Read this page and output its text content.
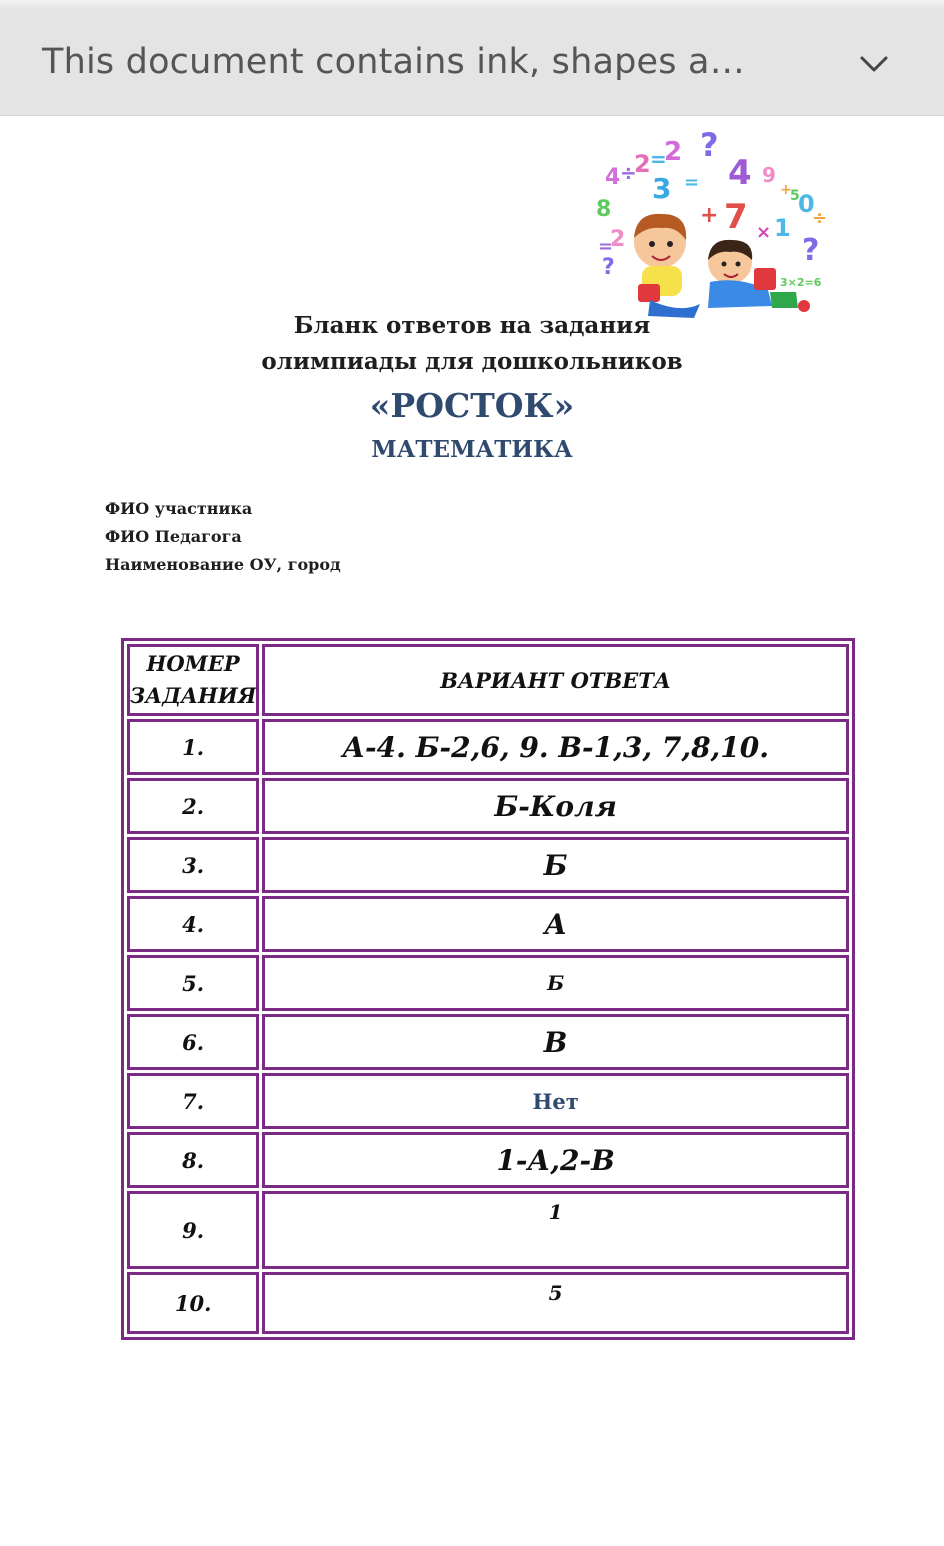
This document contains ink, shapes a…
4 ÷
2 =
2 ?
3 = 4 9
+
5
0
÷
8	+ 7 × 1
=
2
?	?
3×2=6
Бланк ответов на задания
олимпиады для дошкольников
«РОСТОК»
МАТЕМАТИКА
ФИО участника
ФИО Педагога
Наименование ОУ, город
НОМЕР
ЗАДАНИЯ	ВАРИАНТ ОТВЕТА
1.	А-4. Б-2,6, 9. В-1,3, 7,8,10.
2.	Б-Коля
3.	Б
4.	А
5.	Б
6.	В
7.	Нет
8.	1-А,2-В
9.	1
10.	5
